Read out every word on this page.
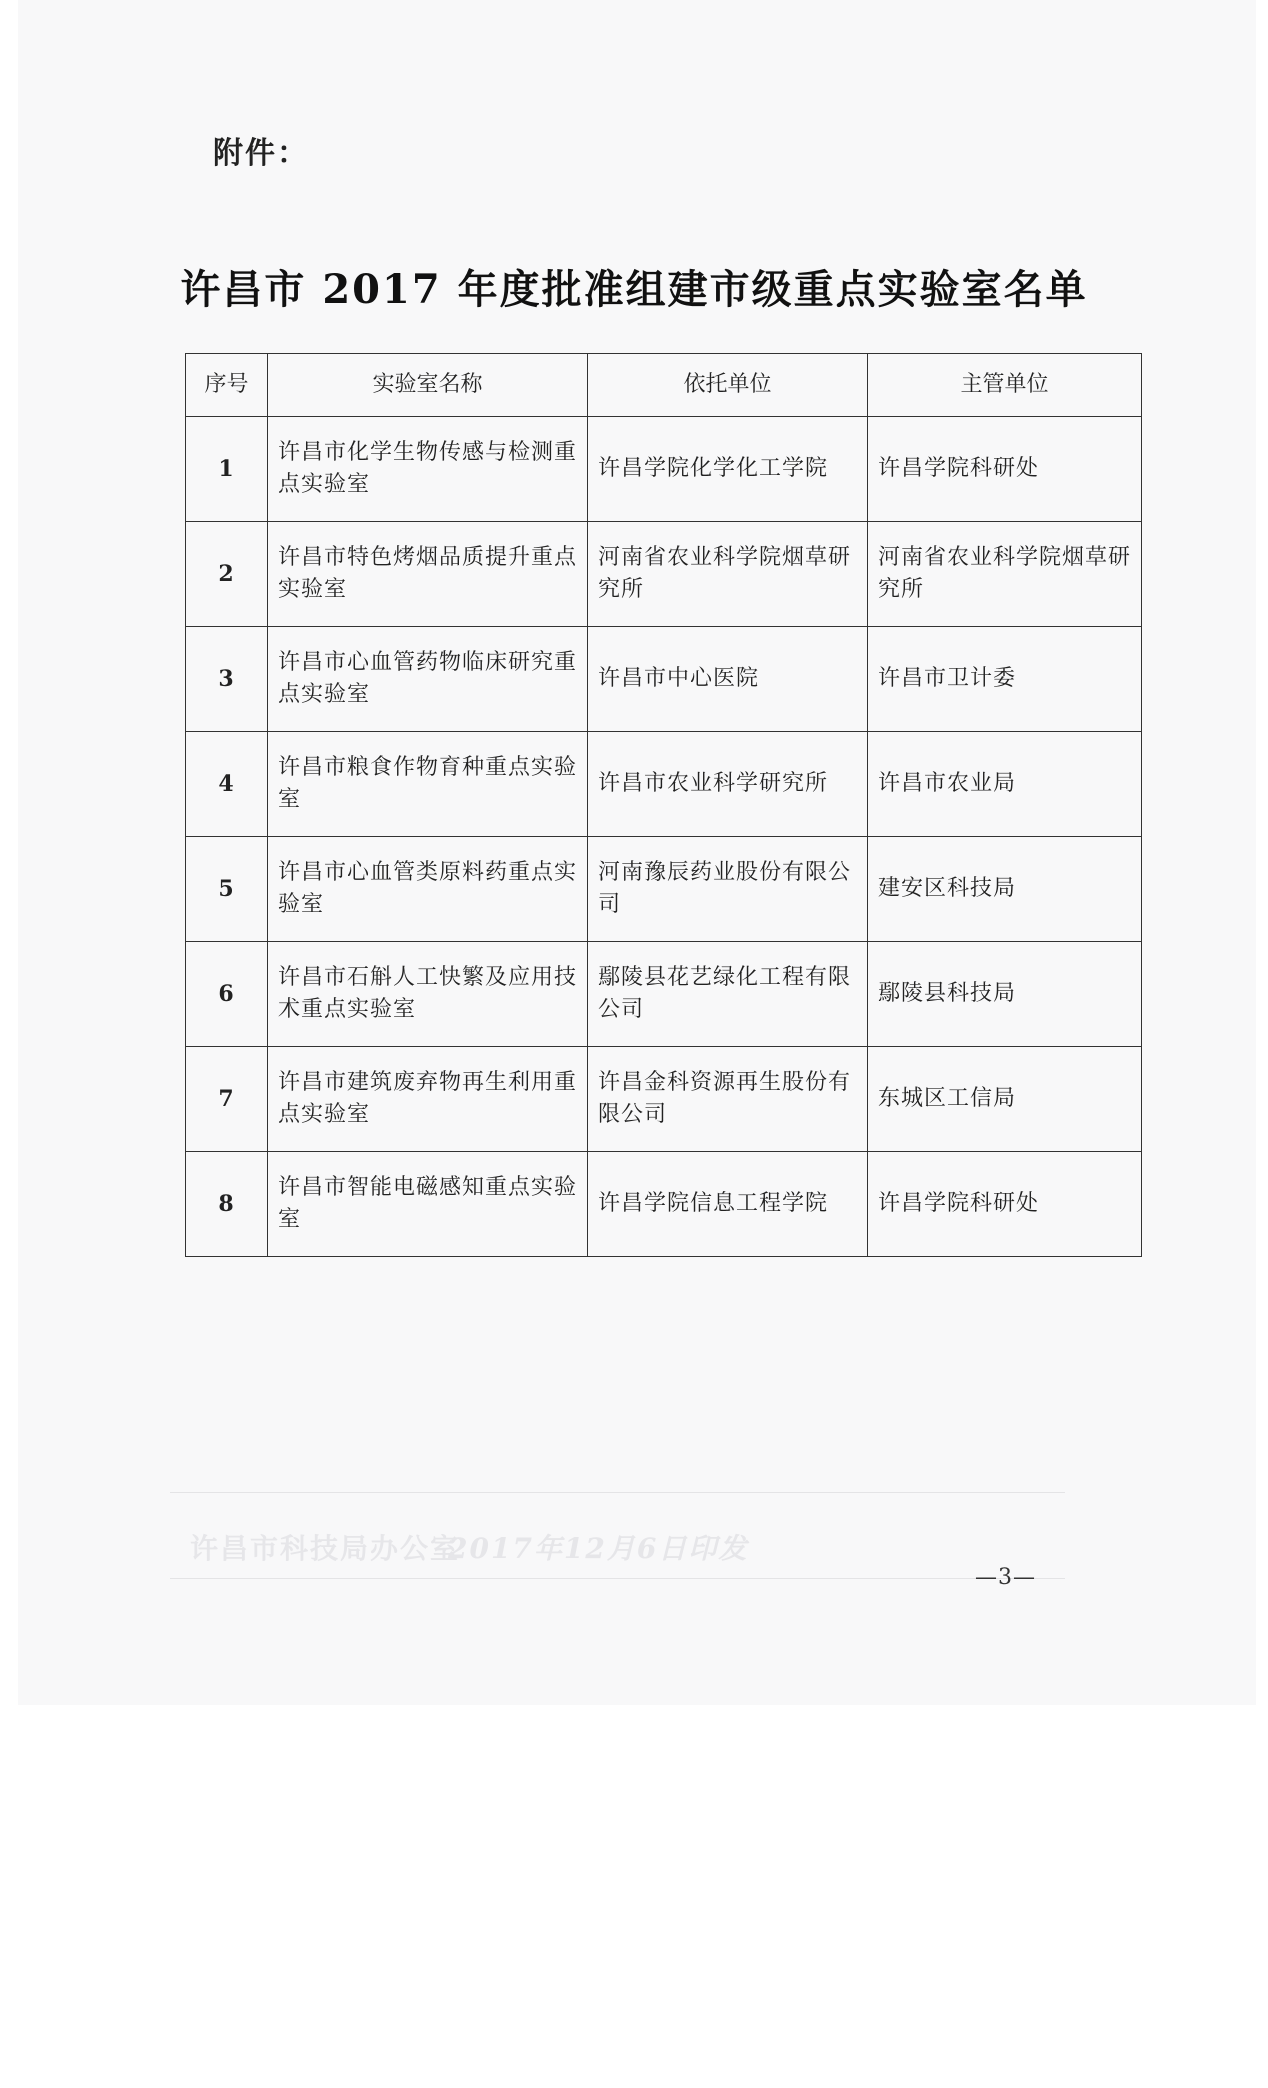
附件：
许昌市 2017 年度批准组建市级重点实验室名单
序号	实验室名称	依托单位	主管单位
1	许昌市化学生物传感与检测重点实验室	许昌学院化学化工学院	许昌学院科研处
2	许昌市特色烤烟品质提升重点实验室	河南省农业科学院烟草研究所	河南省农业科学院烟草研究所
3	许昌市心血管药物临床研究重点实验室	许昌市中心医院	许昌市卫计委
4	许昌市粮食作物育种重点实验室	许昌市农业科学研究所	许昌市农业局
5	许昌市心血管类原料药重点实验室	河南豫辰药业股份有限公司	建安区科技局
6	许昌市石斛人工快繁及应用技术重点实验室	鄢陵县花艺绿化工程有限公司	鄢陵县科技局
7	许昌市建筑废弃物再生利用重点实验室	许昌金科资源再生股份有限公司	东城区工信局
8	许昌市智能电磁感知重点实验室	许昌学院信息工程学院	许昌学院科研处
许昌市科技局办公室
2017年12月6日印发
—3—
